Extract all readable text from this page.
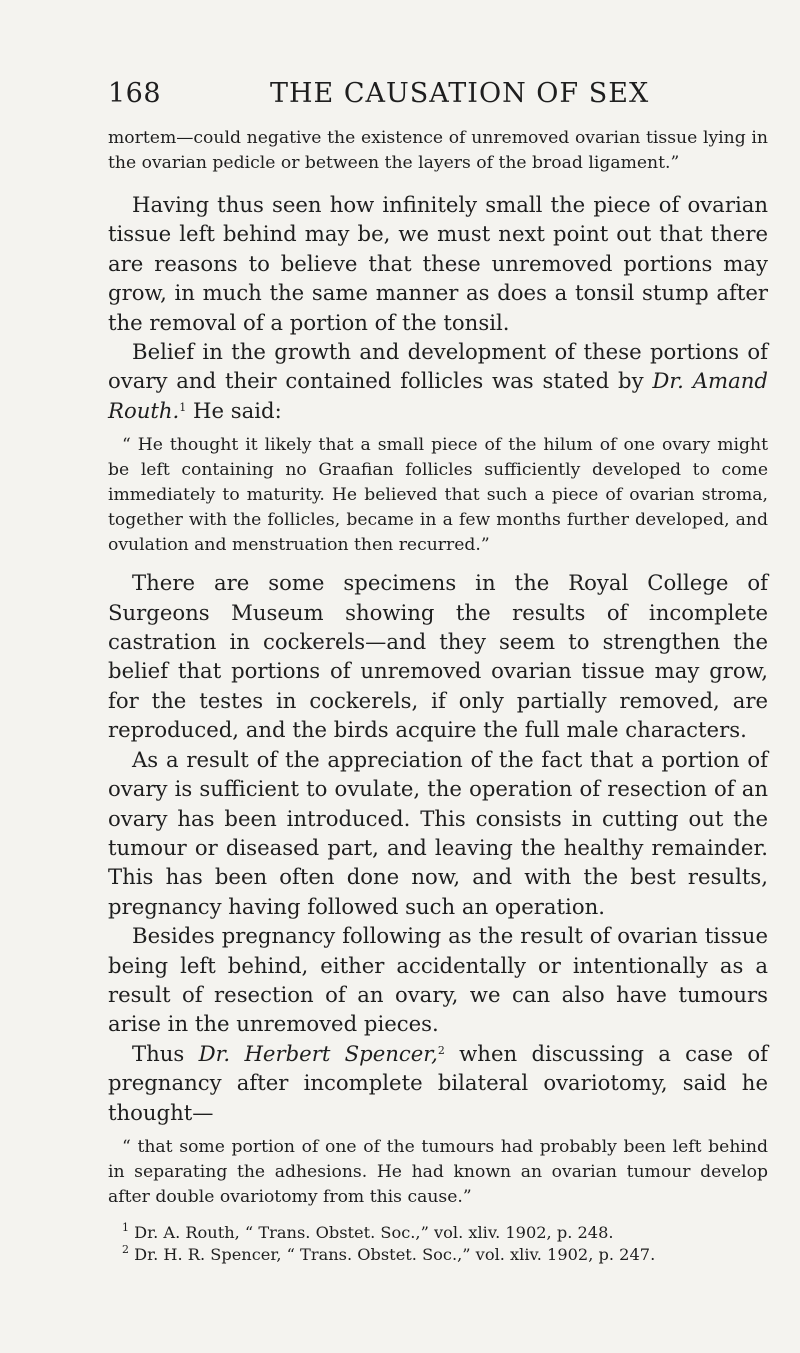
168	THE CAUSATION OF SEX

mortem—could negative the existence of unremoved ovarian tissue lying in the ovarian pedicle or between the layers of the broad ligament.”

Having thus seen how infinitely small the piece of ovarian tissue left behind may be, we must next point out that there are reasons to believe that these unremoved portions may grow, in much the same manner as does a tonsil stump after the removal of a portion of the tonsil.

Belief in the growth and development of these portions of ovary and their contained follicles was stated by Dr. Amand Routh.$^1$ He said:

“ He thought it likely that a small piece of the hilum of one ovary might be left containing no Graafian follicles sufficiently developed to come immediately to maturity. He believed that such a piece of ovarian stroma, together with the follicles, became in a few months further developed, and ovulation and menstruation then recurred.”

There are some specimens in the Royal College of Surgeons Museum showing the results of incomplete castration in cockerels—and they seem to strengthen the belief that portions of unremoved ovarian tissue may grow, for the testes in cockerels, if only partially removed, are reproduced, and the birds acquire the full male characters.

As a result of the appreciation of the fact that a portion of ovary is sufficient to ovulate, the operation of resection of an ovary has been introduced. This consists in cutting out the tumour or diseased part, and leaving the healthy remainder. This has been often done now, and with the best results, pregnancy having followed such an operation.

Besides pregnancy following as the result of ovarian tissue being left behind, either accidentally or intentionally as a result of resection of an ovary, we can also have tumours arise in the unremoved pieces.

Thus Dr. Herbert Spencer,$^2$ when discussing a case of pregnancy after incomplete bilateral ovariotomy, said he thought—

“ that some portion of one of the tumours had probably been left behind in separating the adhesions. He had known an ovarian tumour develop after double ovariotomy from this cause.”

$^1$ Dr. A. Routh, “ Trans. Obstet. Soc.,” vol. xliv. 1902, p. 248.

$^2$ Dr. H. R. Spencer, “ Trans. Obstet. Soc.,” vol. xliv. 1902, p. 247.
